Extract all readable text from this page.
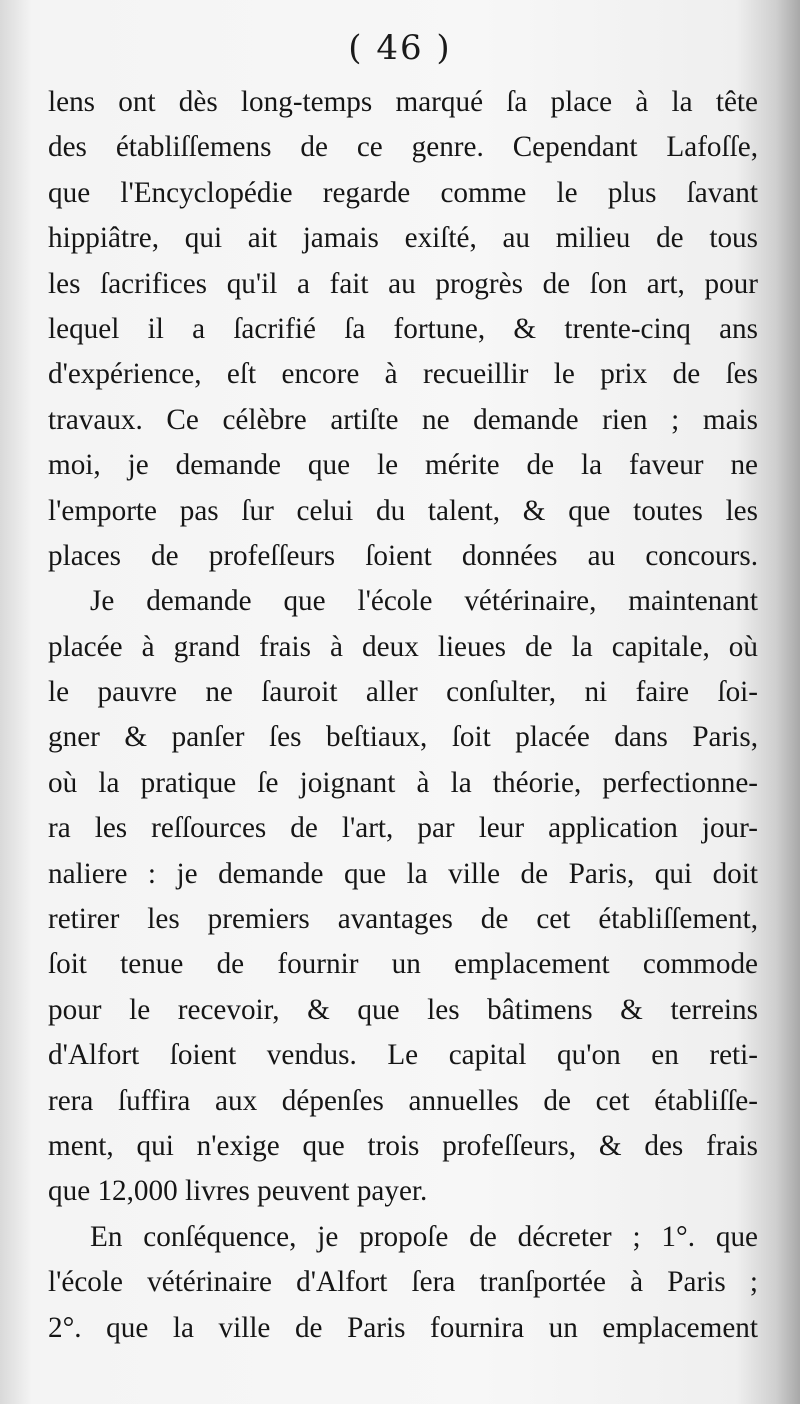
( 46 )
lens ont dès long-temps marqué ſa place à la tête
des établiſſemens de ce genre. Cependant Lafoſſe,
que l'Encyclopédie regarde comme le plus ſavant
hippiâtre, qui ait jamais exiſté, au milieu de tous
les ſacrifices qu'il a fait au progrès de ſon art, pour
lequel il a ſacrifié ſa fortune, & trente-cinq ans
d'expérience, eſt encore à recueillir le prix de ſes
travaux. Ce célèbre artiſte ne demande rien ; mais
moi, je demande que le mérite de la faveur ne
l'emporte pas ſur celui du talent, & que toutes les
places de profeſſeurs ſoient données au concours.
Je demande que l'école vétérinaire, maintenant
placée à grand frais à deux lieues de la capitale, où
le pauvre ne ſauroit aller conſulter, ni faire ſoi-
gner & panſer ſes beſtiaux, ſoit placée dans Paris,
où la pratique ſe joignant à la théorie, perfectionne-
ra les reſſources de l'art, par leur application jour-
naliere : je demande que la ville de Paris, qui doit
retirer les premiers avantages de cet établiſſement,
ſoit tenue de fournir un emplacement commode
pour le recevoir, & que les bâtimens & terreins
d'Alfort ſoient vendus. Le capital qu'on en reti-
rera ſuffira aux dépenſes annuelles de cet établiſſe-
ment, qui n'exige que trois profeſſeurs, & des frais
que 12,000 livres peuvent payer.
En conſéquence, je propoſe de décreter ; 1°. que
l'école vétérinaire d'Alfort ſera tranſportée à Paris ;
2°. que la ville de Paris fournira un emplacement
